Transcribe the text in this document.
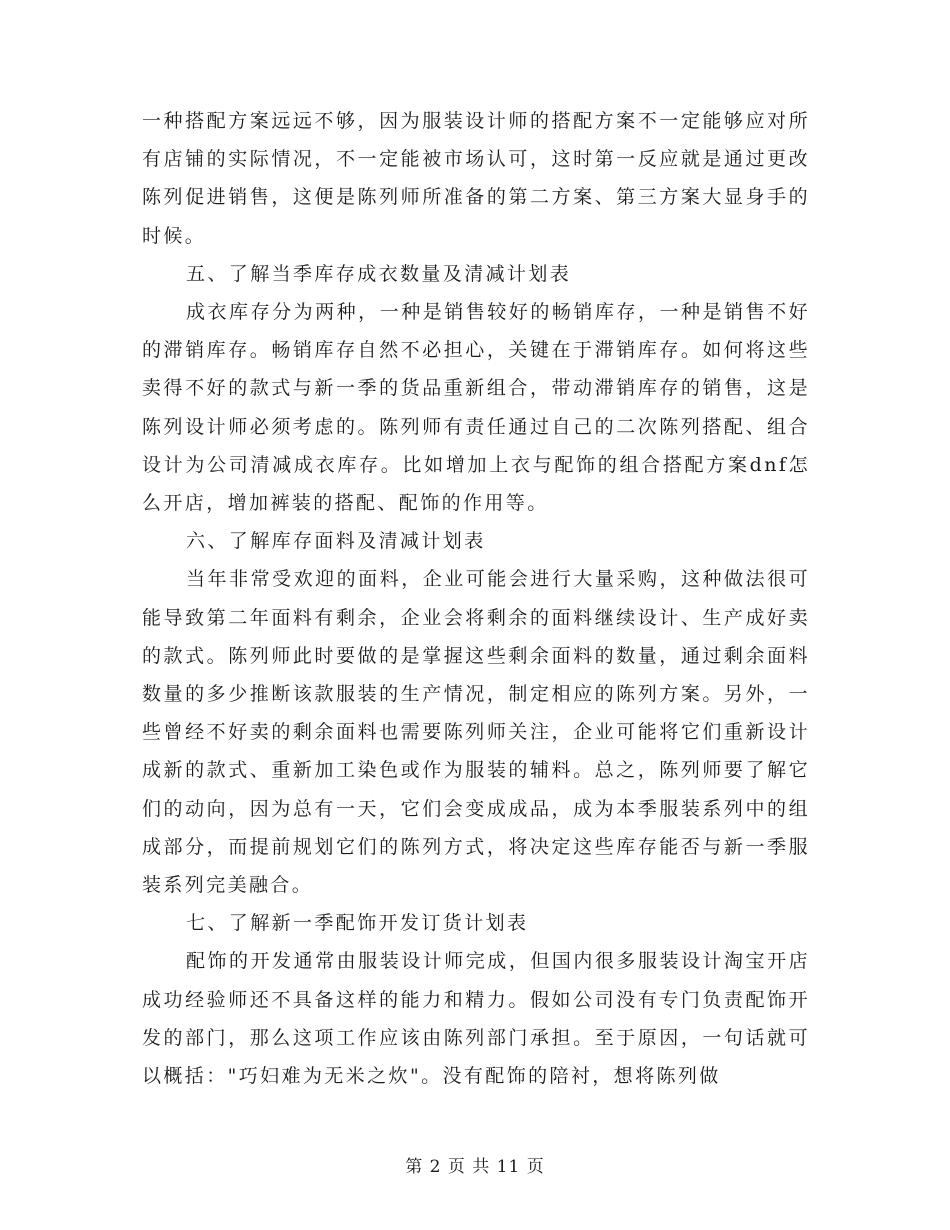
一种搭配方案远远不够，因为服装设计师的搭配方案不一定能够应对所有店铺的实际情况，不一定能被市场认可，这时第一反应就是通过更改陈列促进销售，这便是陈列师所准备的第二方案、第三方案大显身手的时候。

五、了解当季库存成衣数量及清减计划表

成衣库存分为两种，一种是销售较好的畅销库存，一种是销售不好的滞销库存。畅销库存自然不必担心，关键在于滞销库存。如何将这些卖得不好的款式与新一季的货品重新组合，带动滞销库存的销售，这是陈列设计师必须考虑的。陈列师有责任通过自己的二次陈列搭配、组合设计为公司清减成衣库存。比如增加上衣与配饰的组合搭配方案dnf怎么开店，增加裤装的搭配、配饰的作用等。

六、了解库存面料及清减计划表

当年非常受欢迎的面料，企业可能会进行大量采购，这种做法很可能导致第二年面料有剩余，企业会将剩余的面料继续设计、生产成好卖的款式。陈列师此时要做的是掌握这些剩余面料的数量，通过剩余面料数量的多少推断该款服装的生产情况，制定相应的陈列方案。另外，一些曾经不好卖的剩余面料也需要陈列师关注，企业可能将它们重新设计成新的款式、重新加工染色或作为服装的辅料。总之，陈列师要了解它们的动向，因为总有一天，它们会变成成品，成为本季服装系列中的组成部分，而提前规划它们的陈列方式，将决定这些库存能否与新一季服装系列完美融合。

七、了解新一季配饰开发订货计划表

配饰的开发通常由服装设计师完成，但国内很多服装设计淘宝开店成功经验师还不具备这样的能力和精力。假如公司没有专门负责配饰开发的部门，那么这项工作应该由陈列部门承担。至于原因，一句话就可以概括："巧妇难为无米之炊"。没有配饰的陪衬，想将陈列做

第 2 页 共 11 页
